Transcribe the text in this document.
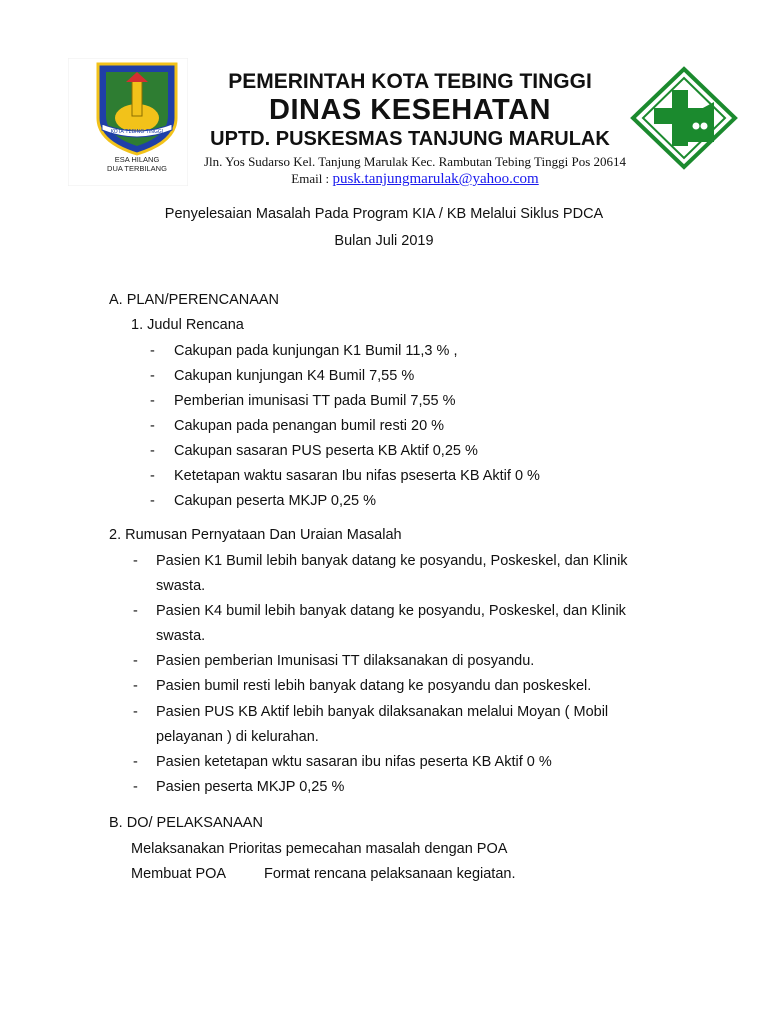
KOTA TEBING TINGGI
ESA HILANG
DUA TERBILANG
PEMERINTAH KOTA TEBING TINGGI
DINAS KESEHATAN
UPTD. PUSKESMAS TANJUNG MARULAK
Jln. Yos Sudarso Kel. Tanjung Marulak Kec. Rambutan Tebing Tinggi Pos 20614
Email : pusk.tanjungmarulak@yahoo.com
Penyelesaian Masalah Pada Program KIA / KB Melalui Siklus PDCA
Bulan Juli 2019
A. PLAN/PERENCANAAN
1. Judul Rencana
-	Cakupan pada kunjungan K1 Bumil 11,3 % ,
-	Cakupan kunjungan K4 Bumil 7,55 %
-	Pemberian imunisasi TT pada Bumil 7,55 %
-	Cakupan pada penangan bumil resti 20 %
-	Cakupan sasaran PUS peserta KB Aktif 0,25 %
-	Ketetapan waktu sasaran Ibu nifas pseserta KB Aktif 0 %
-	Cakupan peserta MKJP 0,25 %
2. Rumusan Pernyataan Dan Uraian Masalah
-	Pasien K1 Bumil lebih banyak datang ke posyandu, Poskeskel, dan Klinik
swasta.
-	Pasien K4 bumil lebih banyak datang ke posyandu, Poskeskel, dan Klinik
swasta.
-	Pasien pemberian Imunisasi TT dilaksanakan di posyandu.
-	Pasien bumil resti lebih banyak datang ke posyandu dan poskeskel.
-	Pasien PUS KB Aktif lebih banyak dilaksanakan melalui Moyan ( Mobil
pelayanan ) di kelurahan.
-	Pasien ketetapan wktu sasaran ibu nifas peserta KB Aktif 0 %
-	Pasien peserta MKJP 0,25 %
B. DO/ PELAKSANAAN
Melaksanakan Prioritas pemecahan masalah dengan POA
Membuat POA	Format rencana pelaksanaan kegiatan.
